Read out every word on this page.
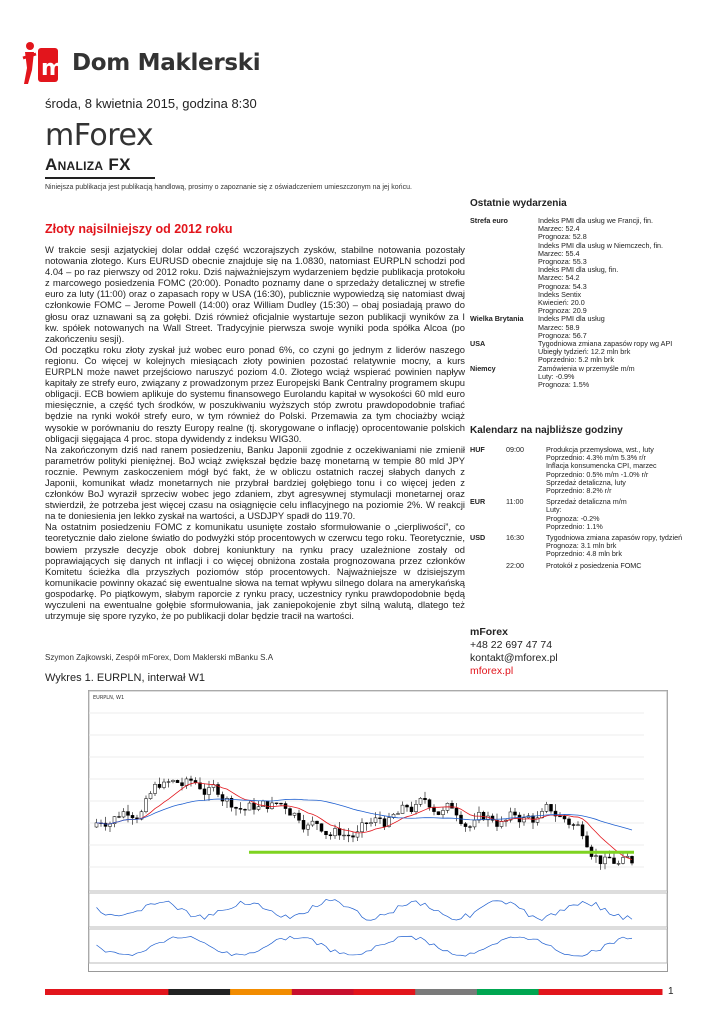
m Dom Maklerski
środa, 8 kwietnia 2015, godzina 8:30
mForex
Analiza FX
Niniejsza publikacja jest publikacją handlową, prosimy o zapoznanie się z oświadczeniem umieszczonym na jej końcu.
Złoty najsilniejszy od 2012 roku

W trakcie sesji azjatyckiej dolar oddał część wczorajszych zysków, stabilne notowania pozostały notowania złotego. Kurs EURUSD obecnie znajduje się na 1.0830, natomiast EURPLN schodzi pod 4.04 – po raz pierwszy od 2012 roku. Dziś najważniejszym wydarzeniem będzie publikacja protokołu z marcowego posiedzenia FOMC (20:00). Ponadto poznamy dane o sprzedaży detalicznej w strefie euro za luty (11:00) oraz o zapasach ropy w USA (16:30), publicznie wypowiedzą się natomiast dwaj członkowie FOMC – Jerome Powell (14:00) oraz William Dudley (15:30) – obaj posiadają prawo do głosu oraz uznawani są za gołębi. Dziś również oficjalnie wystartuje sezon publikacji wyników za I kw. spółek notowanych na Wall Street. Tradycyjnie pierwsza swoje wyniki poda spółka Alcoa (po zakończeniu sesji).

Od początku roku złoty zyskał już wobec euro ponad 6%, co czyni go jednym z liderów naszego regionu. Co więcej w kolejnych miesiącach złoty powinien pozostać relatywnie mocny, a kurs EURPLN może nawet przejściowo naruszyć poziom 4.0. Złotego wciąż wspierać powinien napływ kapitały ze strefy euro, związany z prowadzonym przez Europejski Bank Centralny programem skupu obligacji. ECB bowiem aplikuje do systemu finansowego Eurolandu kapitał w wysokości 60 mld euro miesięcznie, a część tych środków, w poszukiwaniu wyższych stóp zwrotu prawdopodobnie trafiać będzie na rynki wokół strefy euro, w tym również do Polski. Przemawia za tym chociażby wciąż wysokie w porównaniu do reszty Europy realne (tj. skorygowane o inflację) oprocentowanie polskich obligacji sięgająca 4 proc. stopa dywidendy z indeksu WIG30.

Na zakończonym dziś nad ranem posiedzeniu, Banku Japonii zgodnie z oczekiwaniami nie zmienił parametrów polityki pieniężnej. BoJ wciąż zwiększał będzie bazę monetarną w tempie 80 mld JPY rocznie. Pewnym zaskoczeniem mógł być fakt, że w obliczu ostatnich raczej słabych danych z Japonii, komunikat władz monetarnych nie przybrał bardziej gołębiego tonu i co więcej jeden z członków BoJ wyraził sprzeciw wobec jego zdaniem, zbyt agresywnej stymulacji monetarnej oraz stwierdził, że potrzeba jest więcej czasu na osiągnięcie celu inflacyjnego na poziomie 2%. W reakcji na te doniesienia jen lekko zyskał na wartości, a USDJPY spadł do 119.70.

Na ostatnim posiedzeniu FOMC z komunikatu usunięte zostało sformułowanie o „cierpliwości”, co teoretycznie dało zielone światło do podwyżki stóp procentowych w czerwcu tego roku. Teoretycznie, bowiem przyszłe decyzje obok dobrej koniunktury na rynku pracy uzależnione zostały od poprawiających się danych nt inflacji i co więcej obniżona została prognozowana przez członków Komitetu ścieżka dla przyszłych poziomów stóp procentowych. Najważniejsze w dzisiejszym komunikacie powinny okazać się ewentualne słowa na temat wpływu silnego dolara na amerykańską gospodarkę. Po piątkowym, słabym raporcie z rynku pracy, uczestnicy rynku prawdopodobnie będą wyczuleni na ewentualne gołębie sformułowania, jak zaniepokojenie zbyt silną walutą, dlatego też utrzymuje się spore ryzyko, że po publikacji dolar będzie tracił na wartości.

Szymon Zajkowski, Zespół mForex, Dom Maklerski mBanku S.A
Wykres 1. EURPLN, interwał W1
Ostatnie wydarzenia
Strefa euro	Indeks PMI dla usług we Francji, fin.
Marzec: 52.4
Prognoza: 52.8
Indeks PMI dla usług w Niemczech, fin.
Marzec: 55.4
Prognoza: 55.3
Indeks PMI dla usług, fin.
Marzec: 54.2
Prognoza: 54.3
Indeks Sentix
Kwiecień: 20.0
Prognoza: 20.9
Wielka Brytania	Indeks PMI dla usług
Marzec: 58.9
Prognoza: 56.7
USA	Tygodniowa zmiana zapasów ropy wg API
Ubiegły tydzień: 12.2 mln brk
Poprzednio: 5.2 mln brk
Niemcy	Zamówienia w przemyśle m/m
Luty: -0.9%
Prognoza: 1.5%
Kalendarz na najbliższe godziny
HUF	09:00	Produkcja przemysłowa, wst., luty
Poprzednio: 4.3% m/m 5.3% r/r
Inflacja konsumencka CPI, marzec
Poprzednio: 0.5% m/m -1.0% r/r
Sprzedaż detaliczna, luty
Poprzednio: 8.2% r/r
EUR	11:00	Sprzedaż detaliczna m/m
Luty:
Prognoza: -0.2%
Poprzednio: 1.1%
USD	16:30	Tygodniowa zmiana zapasów ropy, tydzień
Prognoza: 3.1 mln brk
Poprzednio: 4.8 mln brk
22:00	Protokół z posiedzenia FOMC
mForex
+48 22 697 47 74
kontakt@mforex.pl
mforex.pl
EURPLN, W1
1
